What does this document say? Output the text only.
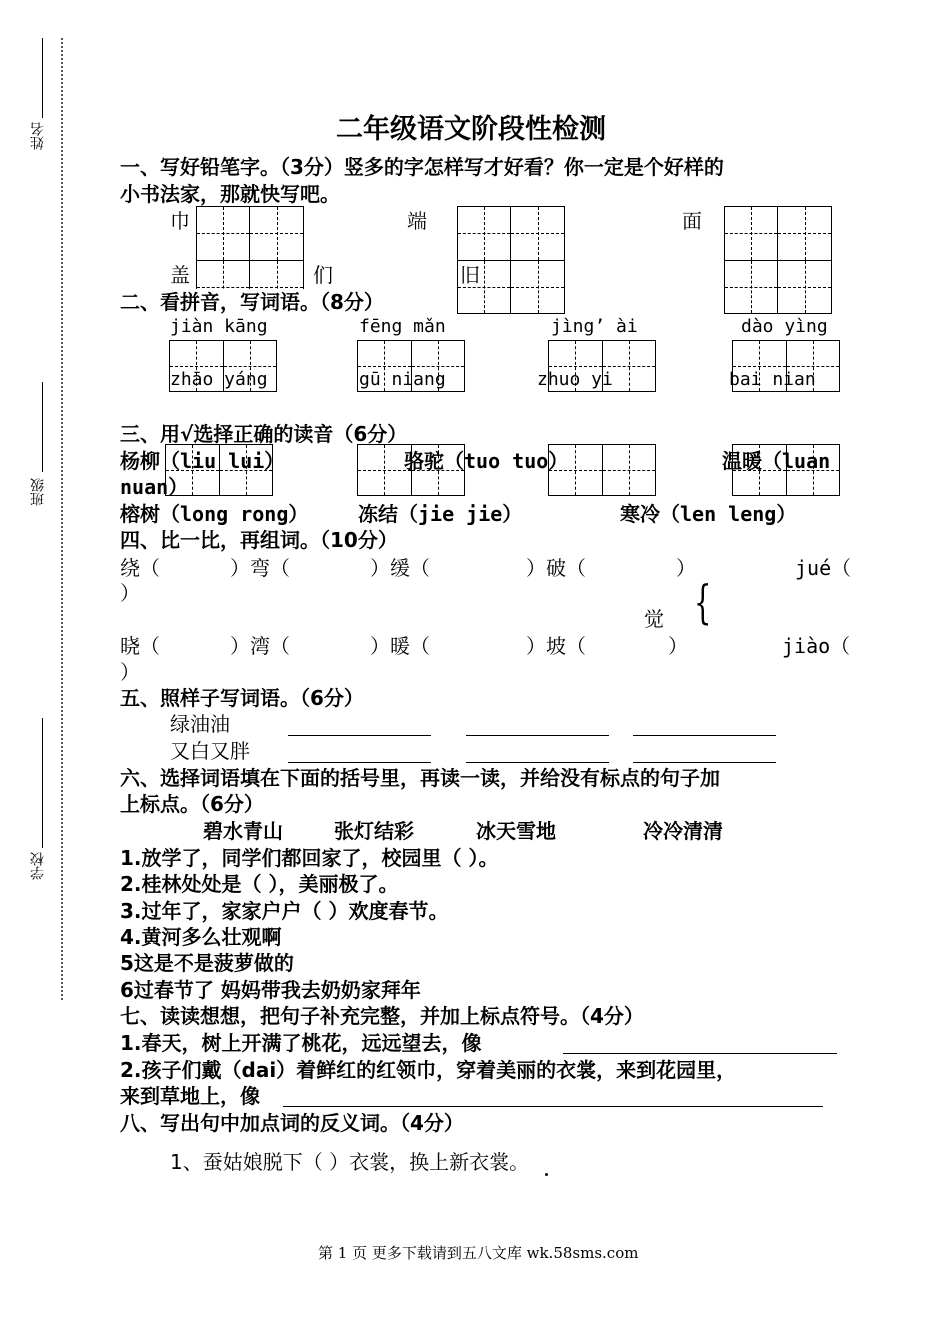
姓名
班级
学校
二年级语文阶段性检测
一、写好铅笔字。（3分）竖多的字怎样写才好看？你一定是个好样的
小书法家，那就快写吧。
巾	端	面
盖	们	旧
二、看拼音，写词语。（8分）
jiàn kāng	fēng mǎn	jìng’ ài	dào yìng
zhāo yáng	gū niang	zhuo yi	bai nian
三、用√选择正确的读音（6分）
杨柳（liu lui）	骆驼（tuo tuo）	温暖（luan
nuan）
榕树（long rong） 冻结（jie jie）	寒冷（len leng）
四、比一比，再组词。（10分）
绕（	）弯（	）缓（	）破（	）	jué（
）
觉 {
晓（	）湾（	）暖（	）坡（	）	jiào（
）
五、照样子写词语。（6分）
绿油油
又白又胖
六、选择词语填在下面的括号里，再读一读，并给没有标点的句子加
上标点。（6分）
碧水青山	张灯结彩	冰天雪地	冷冷清清
1.放学了，同学们都回家了，校园里（ ）。
2.桂林处处是（ ），美丽极了。
3.过年了，家家户户（ ）欢度春节。
4.黄河多么壮观啊
5这是不是菠萝做的
6过春节了 妈妈带我去奶奶家拜年
七、读读想想，把句子补充完整，并加上标点符号。（4分）
1.春天，树上开满了桃花，远远望去，像
2.孩子们戴（dai）着鲜红的红领巾，穿着美丽的衣裳，来到花园里，
来到草地上，像
八、写出句中加点词的反义词。（4分）
1、蚕姑娘脱下（ ）衣裳，换上新衣裳。
第 1 页 更多下载请到五八文库 wk.58sms.com
